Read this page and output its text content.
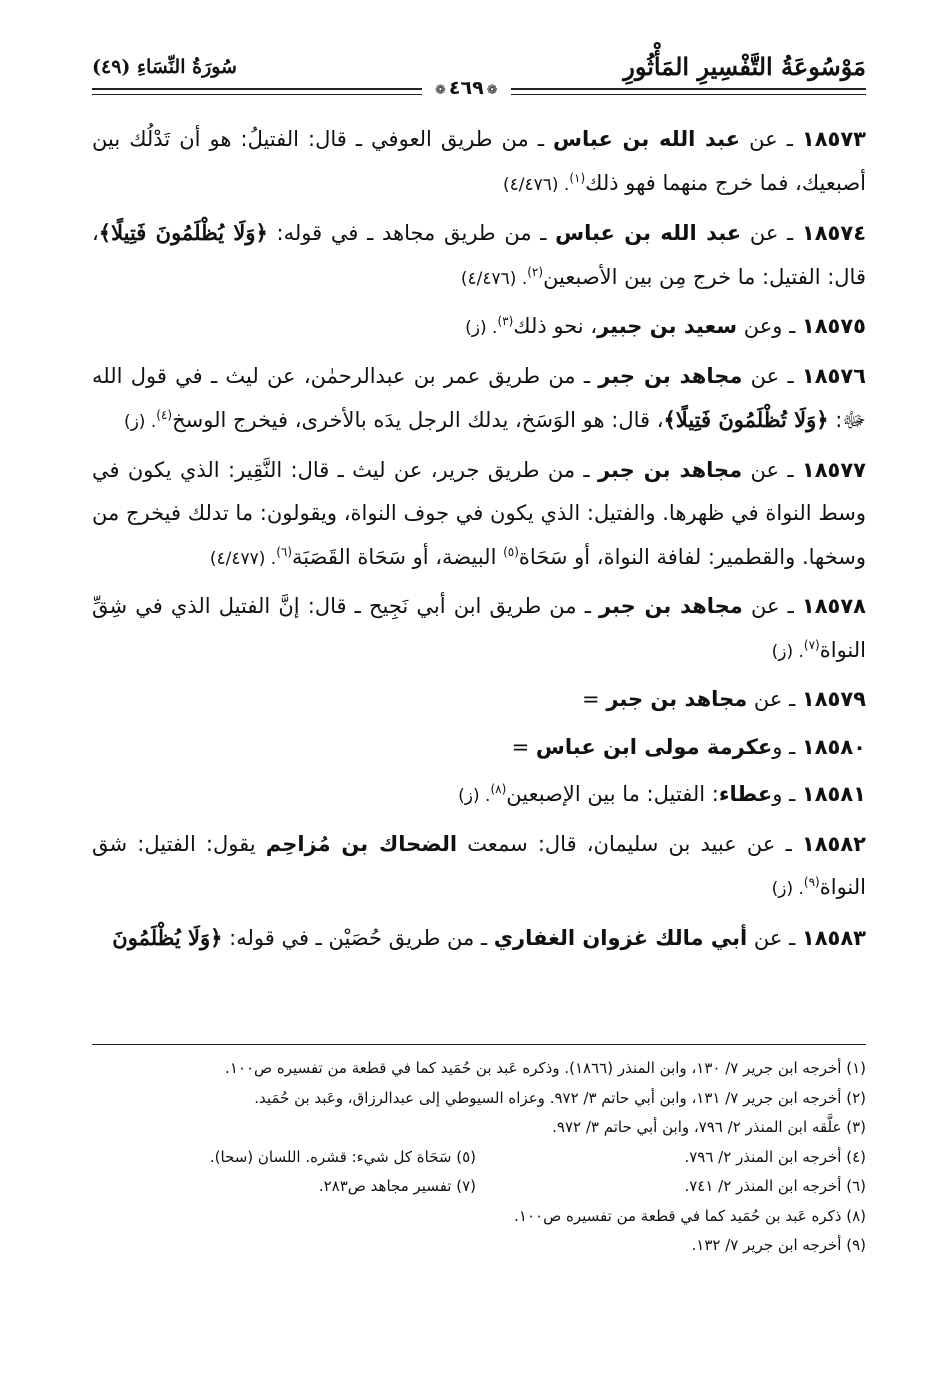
مَوْسُوعَةُ التَّفْسِيرِ المَأْثُورِ
❁٤٦٩❁
سُورَةُ النِّسَاءِ (٤٩)
١٨٥٧٣ ـ عن عبد الله بن عباس ـ من طريق العوفي ـ قال: الفتيلُ: هو أن تَدْلُك بين أصبعيك، فما خرج منهما فهو ذلك$^{(١)}$. (٤/٤٧٦)
١٨٥٧٤ ـ عن عبد الله بن عباس ـ من طريق مجاهد ـ في قوله: ﴿وَلَا يُظْلَمُونَ فَتِيلًا﴾، قال: الفتيل: ما خرج مِن بين الأصبعين$^{(٢)}$. (٤/٤٧٦)
١٨٥٧٥ ـ وعن سعيد بن جبير، نحو ذلك$^{(٣)}$. (ز)
١٨٥٧٦ ـ عن مجاهد بن جبر ـ من طريق عمر بن عبدالرحمٰن، عن ليث ـ في قول الله ﷻ: ﴿وَلَا تُظْلَمُونَ فَتِيلًا﴾، قال: هو الوَسَخ، يدلك الرجل يدَه بالأخرى، فيخرج الوسخ$^{(٤)}$. (ز)
١٨٥٧٧ ـ عن مجاهد بن جبر ـ من طريق جرير، عن ليث ـ قال: النَّقِير: الذي يكون في وسط النواة في ظهرها. والفتيل: الذي يكون في جوف النواة، ويقولون: ما تدلك فيخرج من وسخها. والقطمير: لفافة النواة، أو سَحَاة$^{(٥)}$ البيضة، أو سَحَاة القَصَبَة$^{(٦)}$. (٤/٤٧٧)
١٨٥٧٨ ـ عن مجاهد بن جبر ـ من طريق ابن أبي نَجِيح ـ قال: إنَّ الفتيل الذي في شِقِّ النواة$^{(٧)}$. (ز)
١٨٥٧٩ ـ عن مجاهد بن جبر =
١٨٥٨٠ ـ وعكرمة مولى ابن عباس =
١٨٥٨١ ـ وعطاء: الفتيل: ما بين الإصبعين$^{(٨)}$. (ز)
١٨٥٨٢ ـ عن عبيد بن سليمان، قال: سمعت الضحاك بن مُزاحِم يقول: الفتيل: شق النواة$^{(٩)}$. (ز)
١٨٥٨٣ ـ عن أبي مالك غزوان الغفاري ـ من طريق حُصَيْن ـ في قوله: ﴿وَلَا يُظْلَمُونَ
(١) أخرجه ابن جرير ٧/ ١٣٠، وابن المنذر (١٨٦٦). وذكره عَبد بن حُمَيد كما في قطعة من تفسيره ص١٠٠.
(٢) أخرجه ابن جرير ٧/ ١٣١، وابن أبي حاتم ٣/ ٩٧٢. وعزاه السيوطي إلى عبدالرزاق، وعَبد بن حُمَيد.
(٣) علَّقه ابن المنذر ٢/ ٧٩٦، وابن أبي حاتم ٣/ ٩٧٢.
(٤) أخرجه ابن المنذر ٢/ ٧٩٦.
(٥) سَحَاة كل شيء: قشره. اللسان (سحا).
(٦) أخرجه ابن المنذر ٢/ ٧٤١.
(٧) تفسير مجاهد ص٢٨٣.
(٨) ذكره عَبد بن حُمَيد كما في قطعة من تفسيره ص١٠٠.
(٩) أخرجه ابن جرير ٧/ ١٣٢.
